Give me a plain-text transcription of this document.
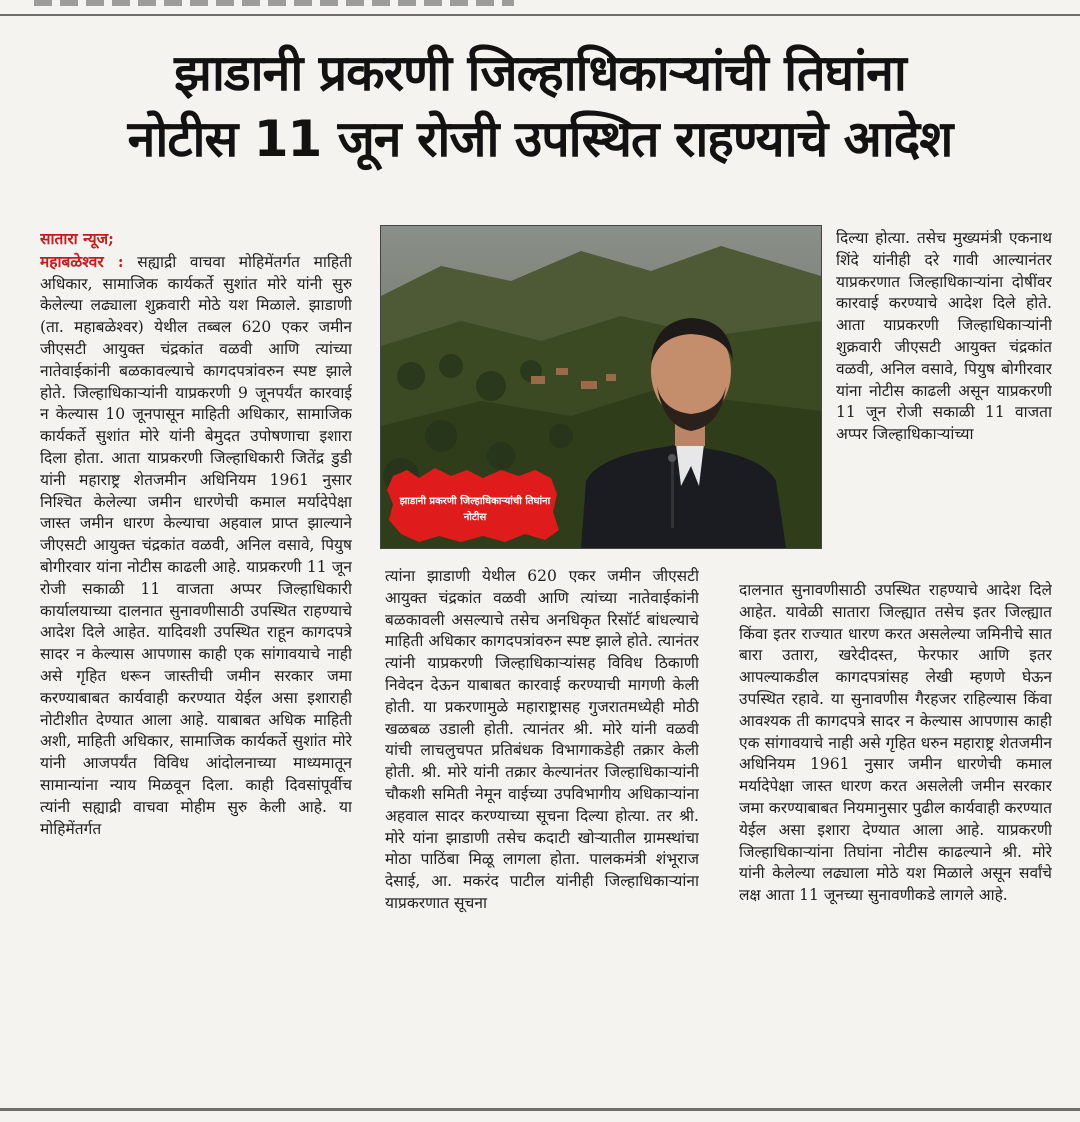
झाडानी प्रकरणी जिल्हाधिकाऱ्यांची तिघांना
नोटीस 11 जून रोजी उपस्थित राहण्याचे आदेश

सातारा न्यूज;

महाबळेश्वर : सह्याद्री वाचवा मोहिमेंतर्गत माहिती अधिकार, सामाजिक कार्यकर्ते सुशांत मोरे यांनी सुरु केलेल्या लढ्याला शुक्रवारी मोठे यश मिळाले. झाडाणी (ता. महाबळेश्वर) येथील तब्बल 620 एकर जमीन जीएसटी आयुक्त चंद्रकांत वळवी आणि त्यांच्या नातेवाईकांनी बळकावल्याचे कागदपत्रांवरुन स्पष्ट झाले होते. जिल्हाधिकाऱ्यांनी याप्रकरणी 9 जूनपर्यंत कारवाई न केल्यास 10 जूनपासून माहिती अधिकार, सामाजिक कार्यकर्ते सुशांत मोरे यांनी बेमुदत उपोषणाचा इशारा दिला होता. आता याप्रकरणी जिल्हाधिकारी जितेंद्र डुडी यांनी महाराष्ट्र शेतजमीन अधिनियम 1961 नुसार निश्चित केलेल्या जमीन धारणेची कमाल मर्यादेपेक्षा जास्त जमीन धारण केल्याचा अहवाल प्राप्त झाल्याने जीएसटी आयुक्त चंद्रकांत वळवी, अनिल वसावे, पियुष बोगीरवार यांना नोटीस काढली आहे. याप्रकरणी 11 जून रोजी सकाळी 11 वाजता अप्पर जिल्हाधिकारी कार्यालयाच्या दालनात सुनावणीसाठी उपस्थित राहण्याचे आदेश दिले आहेत. यादिवशी उपस्थित राहून कागदपत्रे सादर न केल्यास आपणास काही एक सांगावयाचे नाही असे गृहित धरून जास्तीची जमीन सरकार जमा करण्याबाबत कार्यवाही करण्यात येईल असा इशाराही नोटीशीत देण्यात आला आहे. याबाबत अधिक माहिती अशी, माहिती अधिकार, सामाजिक कार्यकर्ते सुशांत मोरे यांनी आजपर्यंत विविध आंदोलनाच्या माध्यमातून सामान्यांना न्याय मिळवून दिला. काही दिवसांपूर्वीच त्यांनी सह्याद्री वाचवा मोहीम सुरु केली आहे. या मोहिमेंतर्गत

झाडानी प्रकरणी जिल्हाधिकाऱ्यांची तिघांना नोटीस

त्यांना झाडाणी येथील 620 एकर जमीन जीएसटी आयुक्त चंद्रकांत वळवी आणि त्यांच्या नातेवाईकांनी बळकावली असल्याचे तसेच अनधिकृत रिसॉर्ट बांधल्याचे माहिती अधिकार कागदपत्रांवरुन स्पष्ट झाले होते. त्यानंतर त्यांनी याप्रकरणी जिल्हाधिकाऱ्यांसह विविध ठिकाणी निवेदन देऊन याबाबत कारवाई करण्याची मागणी केली होती. या प्रकरणामुळे महाराष्ट्रासह गुजरातमध्येही मोठी खळबळ उडाली होती. त्यानंतर श्री. मोरे यांनी वळवी यांची लाचलुचपत प्रतिबंधक विभागाकडेही तक्रार केली होती. श्री. मोरे यांनी तक्रार केल्यानंतर जिल्हाधिकाऱ्यांनी चौकशी समिती नेमून वाईच्या उपविभागीय अधिकाऱ्यांना अहवाल सादर करण्याच्या सूचना दिल्या होत्या. तर श्री. मोरे यांना झाडाणी तसेच कदाटी खोऱ्यातील ग्रामस्थांचा मोठा पाठिंबा मिळू लागला होता. पालकमंत्री शंभूराज देसाई, आ. मकरंद पाटील यांनीही जिल्हाधिकाऱ्यांना याप्रकरणात सूचना

दिल्या होत्या. तसेच मुख्यमंत्री एकनाथ शिंदे यांनीही दरे गावी आल्यानंतर याप्रकरणात जिल्हाधिकाऱ्यांना दोषींवर कारवाई करण्याचे आदेश दिले होते. आता याप्रकरणी जिल्हाधिकाऱ्यांनी शुक्रवारी जीएसटी आयुक्त चंद्रकांत वळवी, अनिल वसावे, पियुष बोगीरवार यांना नोटीस काढली असून याप्रकरणी 11 जून रोजी सकाळी 11 वाजता अप्पर जिल्हाधिकाऱ्यांच्या

दालनात सुनावणीसाठी उपस्थित राहण्याचे आदेश दिले आहेत. यावेळी सातारा जिल्ह्यात तसेच इतर जिल्ह्यात किंवा इतर राज्यात धारण करत असलेल्या जमिनीचे सात बारा उतारा, खरेदीदस्त, फेरफार आणि इतर आपल्याकडील कागदपत्रांसह लेखी म्हणणे घेऊन उपस्थित रहावे. या सुनावणीस गैरहजर राहिल्यास किंवा आवश्यक ती कागदपत्रे सादर न केल्यास आपणास काही एक सांगावयाचे नाही असे गृहित धरुन महाराष्ट्र शेतजमीन अधिनियम 1961 नुसार जमीन धारणेची कमाल मर्यादेपेक्षा जास्त धारण करत असलेली जमीन सरकार जमा करण्याबाबत नियमानुसार पुढील कार्यवाही करण्यात येईल असा इशारा देण्यात आला आहे. याप्रकरणी जिल्हाधिकाऱ्यांना तिघांना नोटीस काढल्याने श्री. मोरे यांनी केलेल्या लढ्याला मोठे यश मिळाले असून सर्वांचे लक्ष आता 11 जूनच्या सुनावणीकडे लागले आहे.
